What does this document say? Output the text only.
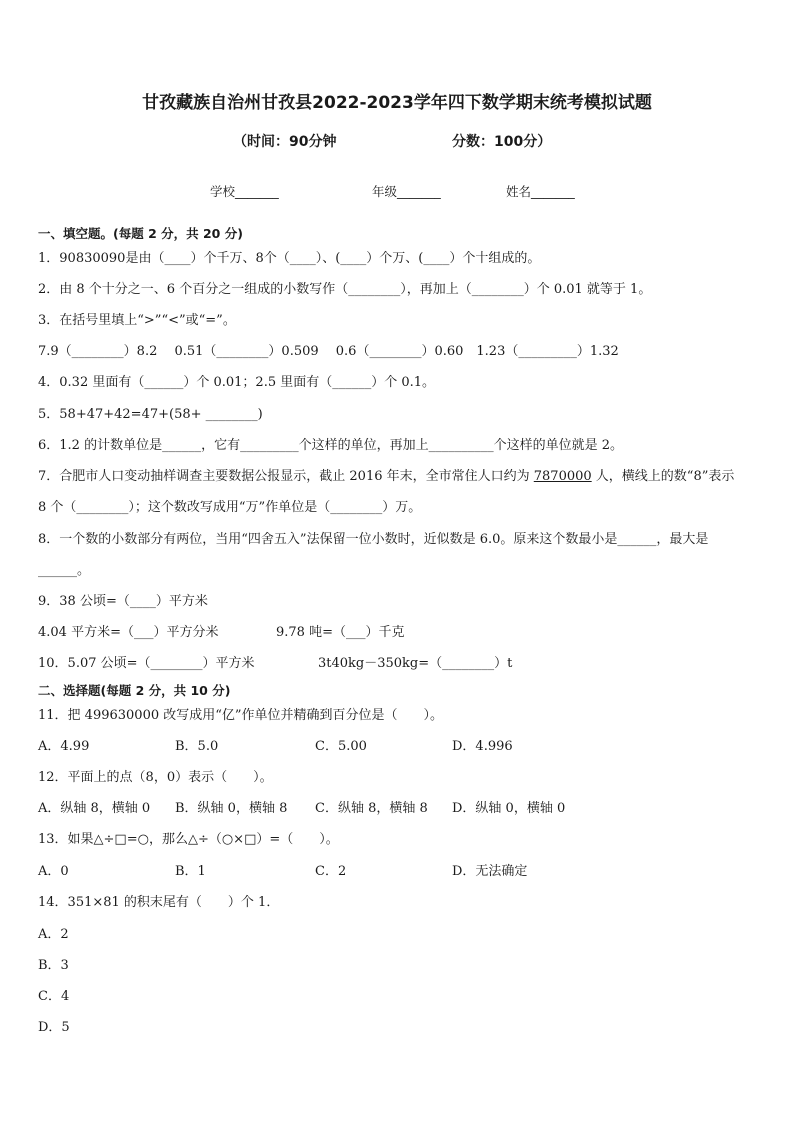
甘孜藏族自治州甘孜县2022-2023学年四下数学期末统考模拟试题
（时间：90分钟	分数：100分）
学校_______	年级_______	姓名_______
一、填空题。(每题 2 分，共 20 分)
1．90830090是由（____）个千万、8个（____）、(____）个万、(____）个十组成的。
2．由 8 个十分之一、6 个百分之一组成的小数写作（________），再加上（________）个 0.01 就等于 1。
3．在括号里填上“>”“<”或“=”。
7.9（________）8.2 　0.51（________）0.509 　0.6（________）0.60　1.23（_________）1.32
4．0.32 里面有（______）个 0.01；2.5 里面有（______）个 0.1。
5．58+47+42=47+(58+ ________)
6．1.2 的计数单位是______，它有_________个这样的单位，再加上__________个这样的单位就是 2。
7．合肥市人口变动抽样调查主要数据公报显示，截止 2016 年末，全市常住人口约为 7870000 人，横线上的数“8”表示
8 个（________）；这个数改写成用“万”作单位是（________）万。
8．一个数的小数部分有两位，当用“四舍五入”法保留一位小数时，近似数是 6.0。原来这个数最小是______，最大是
______。
9．38 公顷=（____）平方米
4.04 平方米=（___）平方分米	9.78 吨=（___）千克
10．5.07 公顷=（________）平方米	3t40kg－350kg=（________）t
二、选择题(每题 2 分，共 10 分)
11．把 499630000 改写成用“亿”作单位并精确到百分位是（　　）。
A．4.99	B．5.0	C．5.00	D．4.996
12．平面上的点（8，0）表示（　　）。
A．纵轴 8，横轴 0 B．纵轴 0，横轴 8 C．纵轴 8，横轴 8 D．纵轴 0，横轴 0
13．如果△÷□=○，那么△÷（○×□）=（　　）。
A．0	B．1	C．2	D．无法确定
14．351×81 的积末尾有（　　）个 1．
A．2
B．3
C．4
D．5
